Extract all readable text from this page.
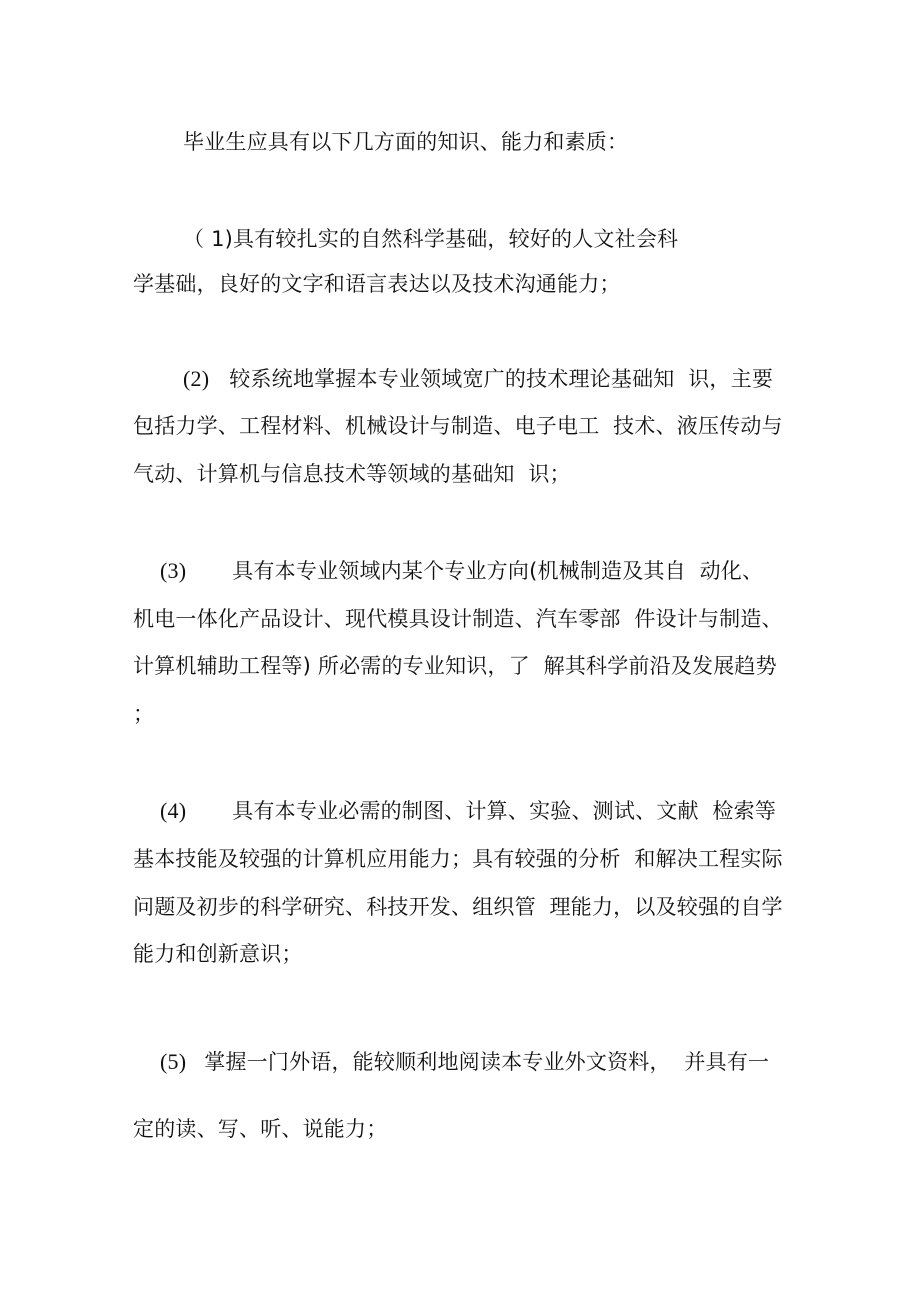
毕业生应具有以下几方面的知识、能力和素质：
（ 1)具有较扎实的自然科学基础，较好的人文社会科
学基础，良好的文字和语言表达以及技术沟通能力；
(2) 较系统地掌握本专业领域宽广的技术理论基础知  识，主要
包括力学、工程材料、机械设计与制造、电子电工  技术、液压传动与
气动、计算机与信息技术等领域的基础知  识；
(3) 具有本专业领域内某个专业方向(机械制造及其自  动化、
机电一体化产品设计、现代模具设计制造、汽车零部  件设计与制造、
计算机辅助工程等) 所必需的专业知识，了  解其科学前沿及发展趋势
；
(4) 具有本专业必需的制图、计算、实验、测试、文献  检索等
基本技能及较强的计算机应用能力；具有较强的分析  和解决工程实际
问题及初步的科学研究、科技开发、组织管  理能力，以及较强的自学
能力和创新意识；
(5) 掌握一门外语，能较顺利地阅读本专业外文资料，  并具有一
定的读、写、听、说能力；
